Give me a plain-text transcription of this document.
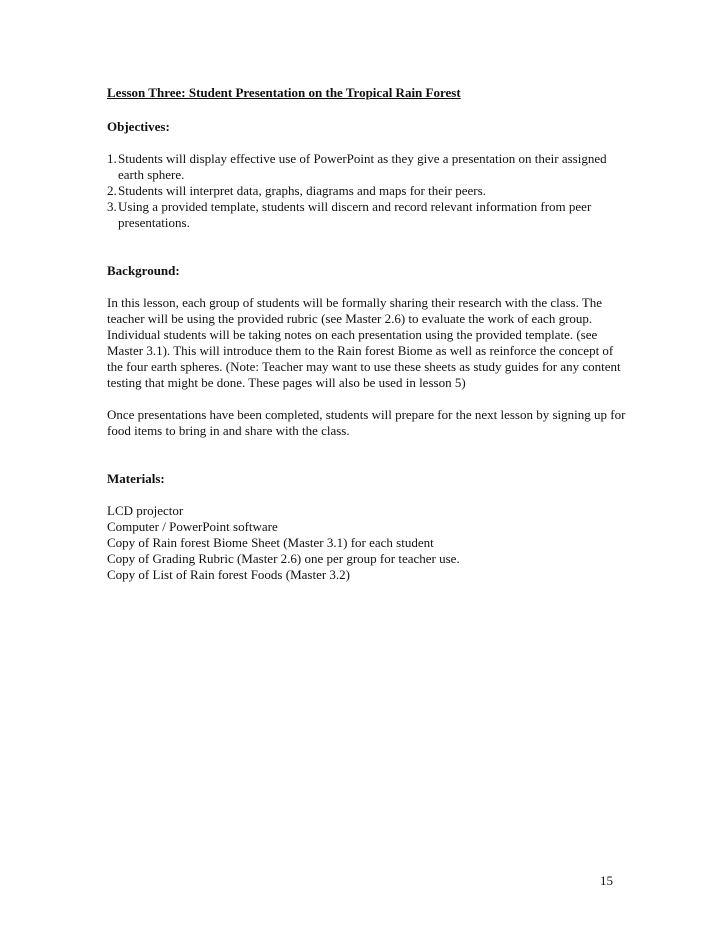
Lesson Three: Student Presentation on the Tropical Rain Forest

Objectives:

1. Students will display effective use of PowerPoint as they give a presentation on their assigned earth sphere.
2. Students will interpret data, graphs, diagrams and maps for their peers.
3. Using a provided template, students will discern and record relevant information from peer presentations.

Background:

In this lesson, each group of students will be formally sharing their research with the class. The teacher will be using the provided rubric (see Master 2.6) to evaluate the work of each group. Individual students will be taking notes on each presentation using the provided template. (see Master 3.1). This will introduce them to the Rain forest Biome as well as reinforce the concept of the four earth spheres. (Note: Teacher may want to use these sheets as study guides for any content testing that might be done. These pages will also be used in lesson 5)

Once presentations have been completed, students will prepare for the next lesson by signing up for food items to bring in and share with the class.

Materials:

LCD projector
Computer / PowerPoint software
Copy of Rain forest Biome Sheet (Master 3.1) for each student
Copy of Grading Rubric (Master 2.6) one per group for teacher use.
Copy of List of Rain forest Foods (Master 3.2)
15
